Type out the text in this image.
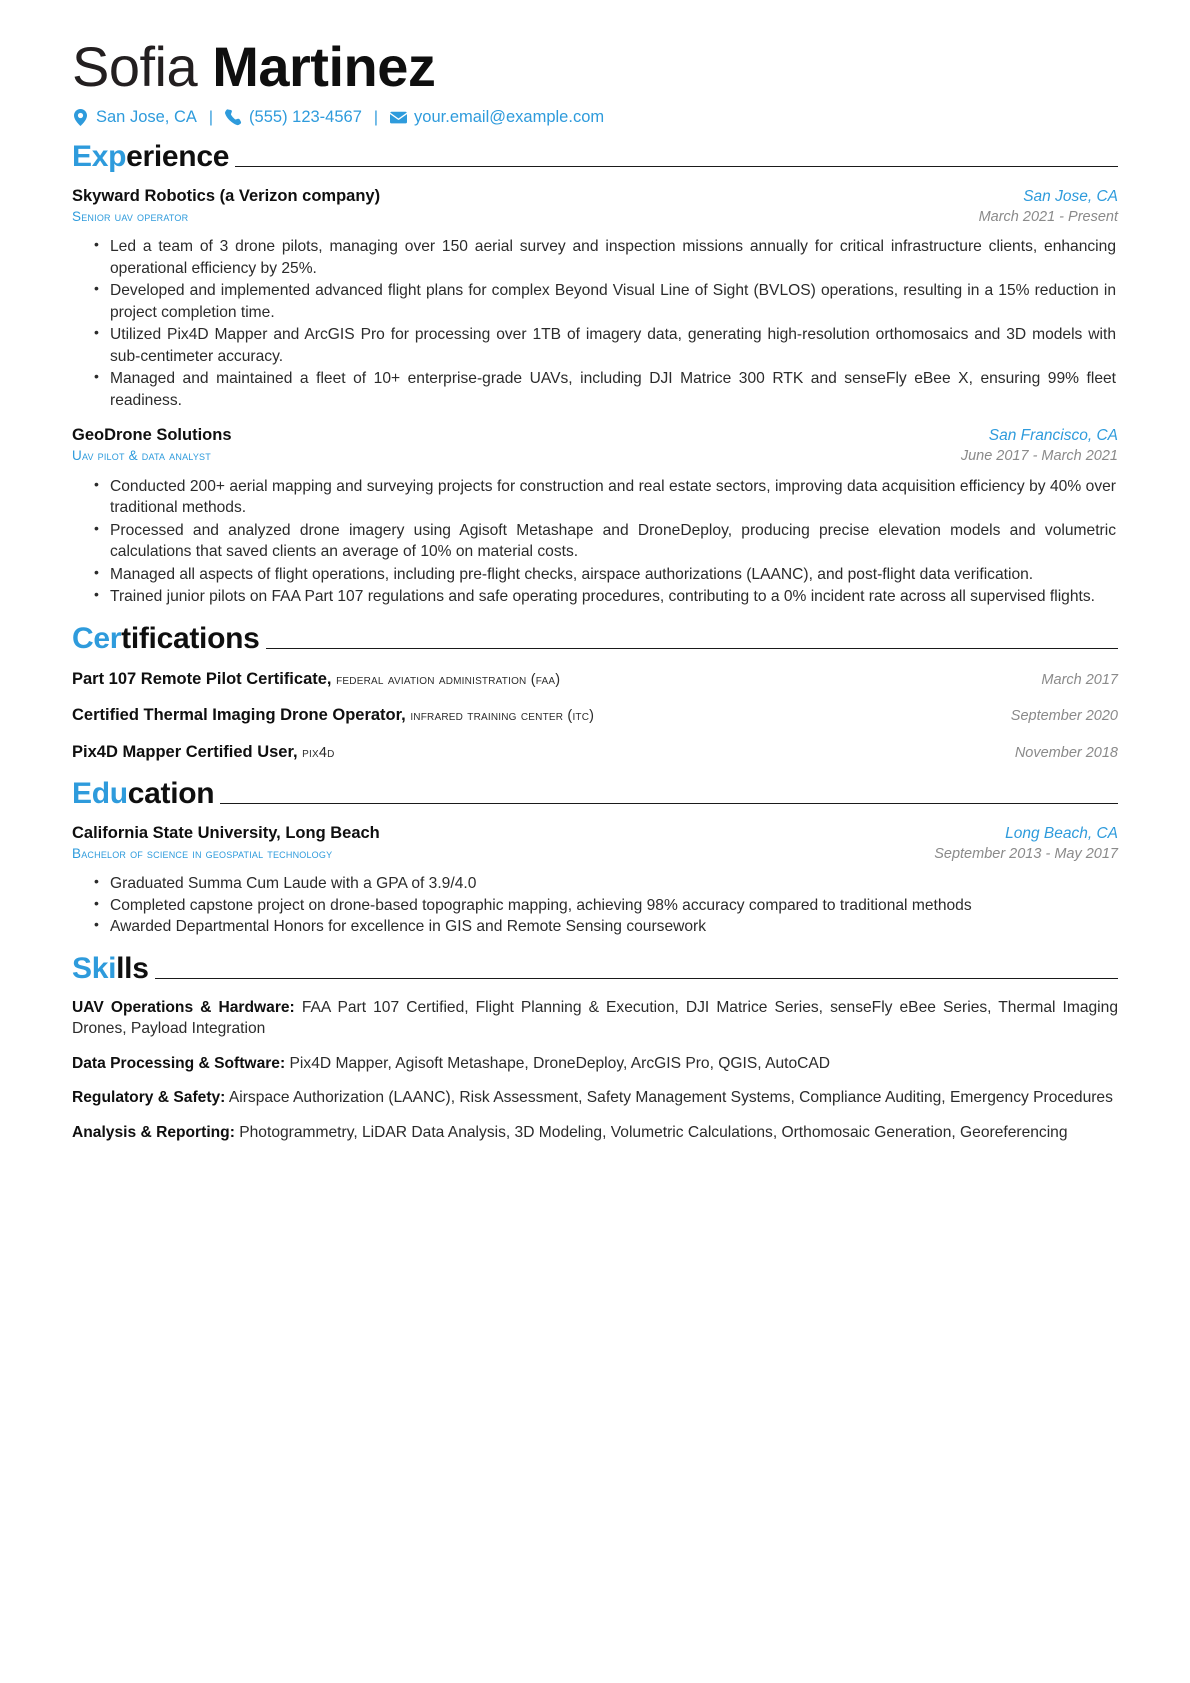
Sofia Martinez
San Jose, CA |	(555) 123-4567 |	your.email@example.com
Experience
Skyward Robotics (a Verizon company)	San Jose, CA
Senior uav operator	March 2021 - Present
• Led a team of 3 drone pilots, managing over 150 aerial survey and inspection missions annually for critical infrastructure clients, enhancing operational efficiency by 25%.
• Developed and implemented advanced flight plans for complex Beyond Visual Line of Sight (BVLOS) operations, resulting in a 15% reduction in project completion time.
• Utilized Pix4D Mapper and ArcGIS Pro for processing over 1TB of imagery data, generating high-resolution orthomosaics and 3D models with sub-centimeter accuracy.
• Managed and maintained a fleet of 10+ enterprise-grade UAVs, including DJI Matrice 300 RTK and senseFly eBee X, ensuring 99% fleet readiness.
GeoDrone Solutions	San Francisco, CA
Uav pilot & data analyst	June 2017 - March 2021
• Conducted 200+ aerial mapping and surveying projects for construction and real estate sectors, improving data acquisition efficiency by 40% over traditional methods.
• Processed and analyzed drone imagery using Agisoft Metashape and DroneDeploy, producing precise elevation models and volumetric calculations that saved clients an average of 10% on material costs.
• Managed all aspects of flight operations, including pre-flight checks, airspace authorizations (LAANC), and post-flight data verification.
• Trained junior pilots on FAA Part 107 regulations and safe operating procedures, contributing to a 0% incident rate across all supervised flights.
Certifications
Part 107 Remote Pilot Certificate, federal aviation administration (faa)	March 2017
Certified Thermal Imaging Drone Operator, infrared training center (itc)	September 2020
Pix4D Mapper Certified User, pix4d	November 2018
Education
California State University, Long Beach	Long Beach, CA
Bachelor of science in geospatial technology	September 2013 - May 2017
• Graduated Summa Cum Laude with a GPA of 3.9/4.0
• Completed capstone project on drone-based topographic mapping, achieving 98% accuracy compared to traditional methods
• Awarded Departmental Honors for excellence in GIS and Remote Sensing coursework
Skills
UAV Operations & Hardware: FAA Part 107 Certified, Flight Planning & Execution, DJI Matrice Series, senseFly eBee Series, Thermal Imaging Drones, Payload Integration
Data Processing & Software: Pix4D Mapper, Agisoft Metashape, DroneDeploy, ArcGIS Pro, QGIS, AutoCAD
Regulatory & Safety: Airspace Authorization (LAANC), Risk Assessment, Safety Management Systems, Compliance Auditing, Emergency Procedures
Analysis & Reporting: Photogrammetry, LiDAR Data Analysis, 3D Modeling, Volumetric Calculations, Orthomosaic Generation, Georeferencing
